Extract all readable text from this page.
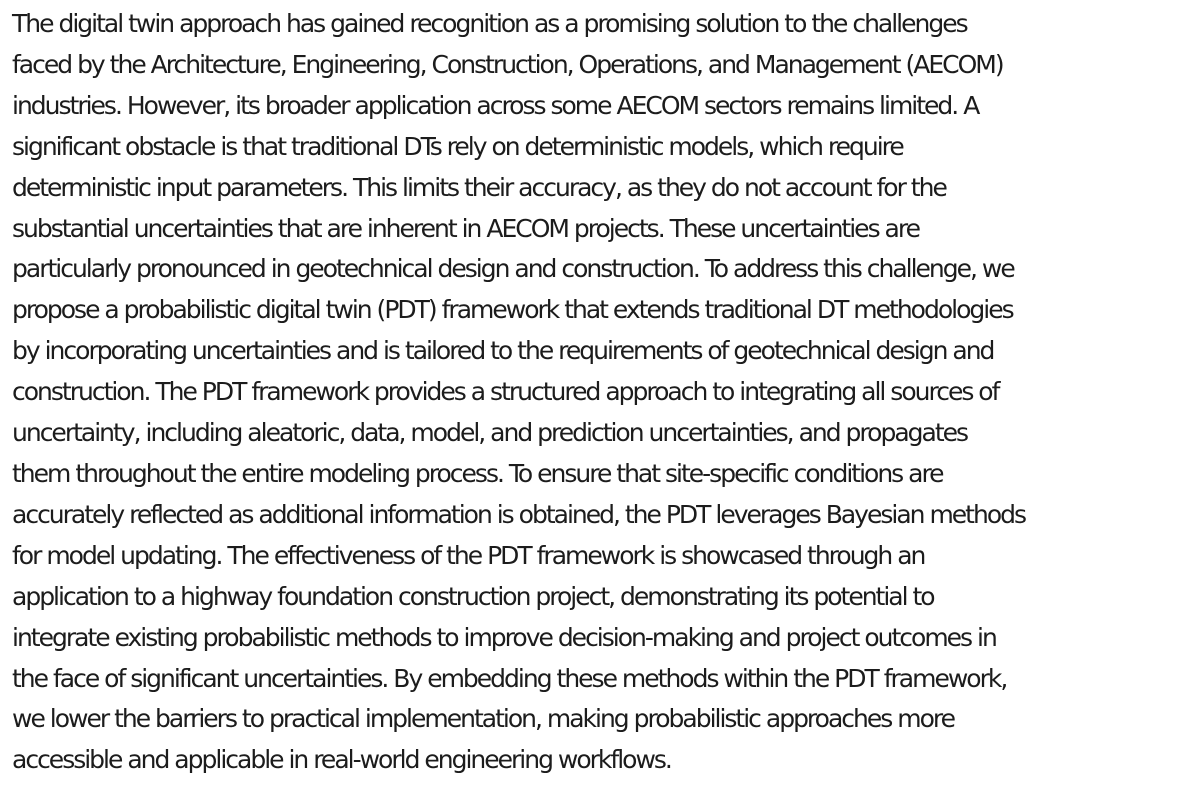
The digital twin approach has gained recognition as a promising solution to the challenges
faced by the Architecture, Engineering, Construction, Operations, and Management (AECOM)
industries. However, its broader application across some AECOM sectors remains limited. A
significant obstacle is that traditional DTs rely on deterministic models, which require
deterministic input parameters. This limits their accuracy, as they do not account for the
substantial uncertainties that are inherent in AECOM projects. These uncertainties are
particularly pronounced in geotechnical design and construction. To address this challenge, we
propose a probabilistic digital twin (PDT) framework that extends traditional DT methodologies
by incorporating uncertainties and is tailored to the requirements of geotechnical design and
construction. The PDT framework provides a structured approach to integrating all sources of
uncertainty, including aleatoric, data, model, and prediction uncertainties, and propagates
them throughout the entire modeling process. To ensure that site-specific conditions are
accurately reflected as additional information is obtained, the PDT leverages Bayesian methods
for model updating. The effectiveness of the PDT framework is showcased through an
application to a highway foundation construction project, demonstrating its potential to
integrate existing probabilistic methods to improve decision-making and project outcomes in
the face of significant uncertainties. By embedding these methods within the PDT framework,
we lower the barriers to practical implementation, making probabilistic approaches more
accessible and applicable in real-world engineering workflows.
